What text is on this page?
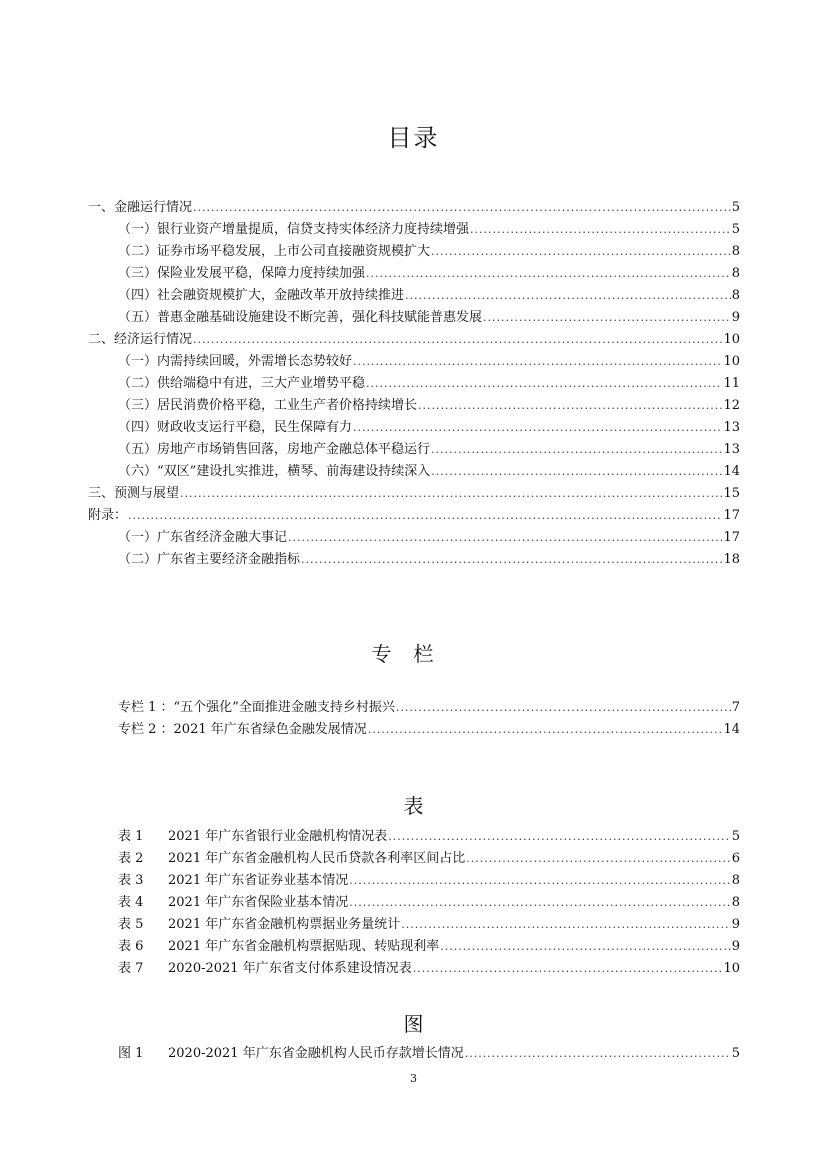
目录
一、金融运行情况 .....	5
（一）银行业资产增量提质，信贷支持实体经济力度持续增强 .....	5
（二）证券市场平稳发展，上市公司直接融资规模扩大 .....	8
（三）保险业发展平稳，保障力度持续加强 .....	8
（四）社会融资规模扩大，金融改革开放持续推进 .....	8
（五）普惠金融基础设施建设不断完善，强化科技赋能普惠发展 .....	9
二、经济运行情况 .....	10
（一）内需持续回暖，外需增长态势较好 .....	10
（二）供给端稳中有进，三大产业增势平稳 .....	11
（三）居民消费价格平稳，工业生产者价格持续增长 .....	12
（四）财政收支运行平稳，民生保障有力 .....	13
（五）房地产市场销售回落，房地产金融总体平稳运行 .....	13
（六）“双区”建设扎实推进，横琴、前海建设持续深入 .....	14
三、预测与展望 .....	15
附录： .....	17
（一）广东省经济金融大事记 .....	17
（二）广东省主要经济金融指标 .....	18
专栏
专栏 1 ：“五个强化”全面推进金融支持乡村振兴 .....	7
专栏 2 ：2021 年广东省绿色金融发展情况 .....	14
表
表 1 2021 年广东省银行业金融机构情况表 .....	5
表 2 2021 年广东省金融机构人民币贷款各利率区间占比 .....	6
表 3 2021 年广东省证券业基本情况 .....	8
表 4 2021 年广东省保险业基本情况 .....	8
表 5 2021 年广东省金融机构票据业务量统计 .....	9
表 6 2021 年广东省金融机构票据贴现、转贴现利率 .....	9
表 7 2020-2021 年广东省支付体系建设情况表 .....	10
图
图 1 2020-2021 年广东省金融机构人民币存款增长情况 .....	5
3
